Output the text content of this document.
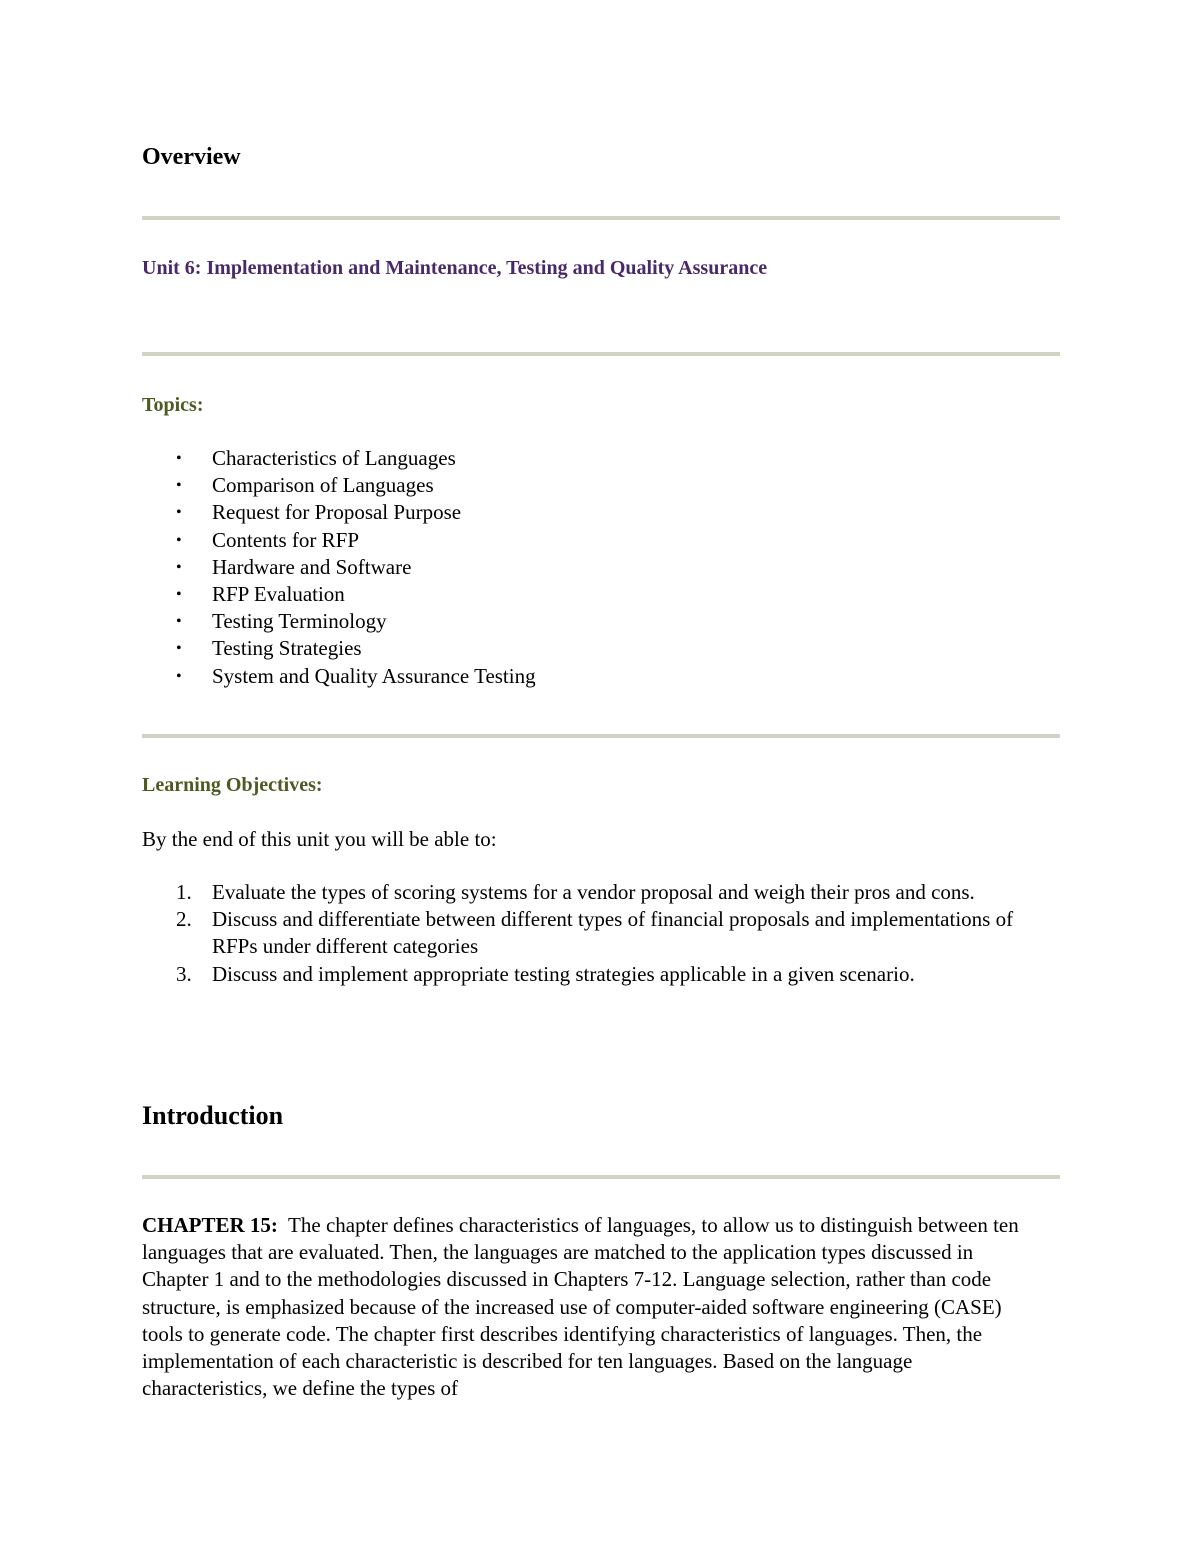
Overview
Unit 6: Implementation and Maintenance, Testing and Quality Assurance
Topics:
• Characteristics of Languages
• Comparison of Languages
• Request for Proposal Purpose
• Contents for RFP
• Hardware and Software
• RFP Evaluation
• Testing Terminology
• Testing Strategies
• System and Quality Assurance Testing
Learning Objectives:

By the end of this unit you will be able to:

1. Evaluate the types of scoring systems for a vendor proposal and weigh their pros and cons.
2. Discuss and differentiate between different types of financial proposals and implementations of RFPs under different categories
3. Discuss and implement appropriate testing strategies applicable in a given scenario.
Introduction

CHAPTER 15: The chapter defines characteristics of languages, to allow us to distinguish between ten languages that are evaluated. Then, the languages are matched to the application types discussed in Chapter 1 and to the methodologies discussed in Chapters 7-12. Language selection, rather than code structure, is emphasized because of the increased use of computer-aided software engineering (CASE) tools to generate code. The chapter first describes identifying characteristics of languages. Then, the implementation of each characteristic is described for ten languages. Based on the language characteristics, we define the types of
